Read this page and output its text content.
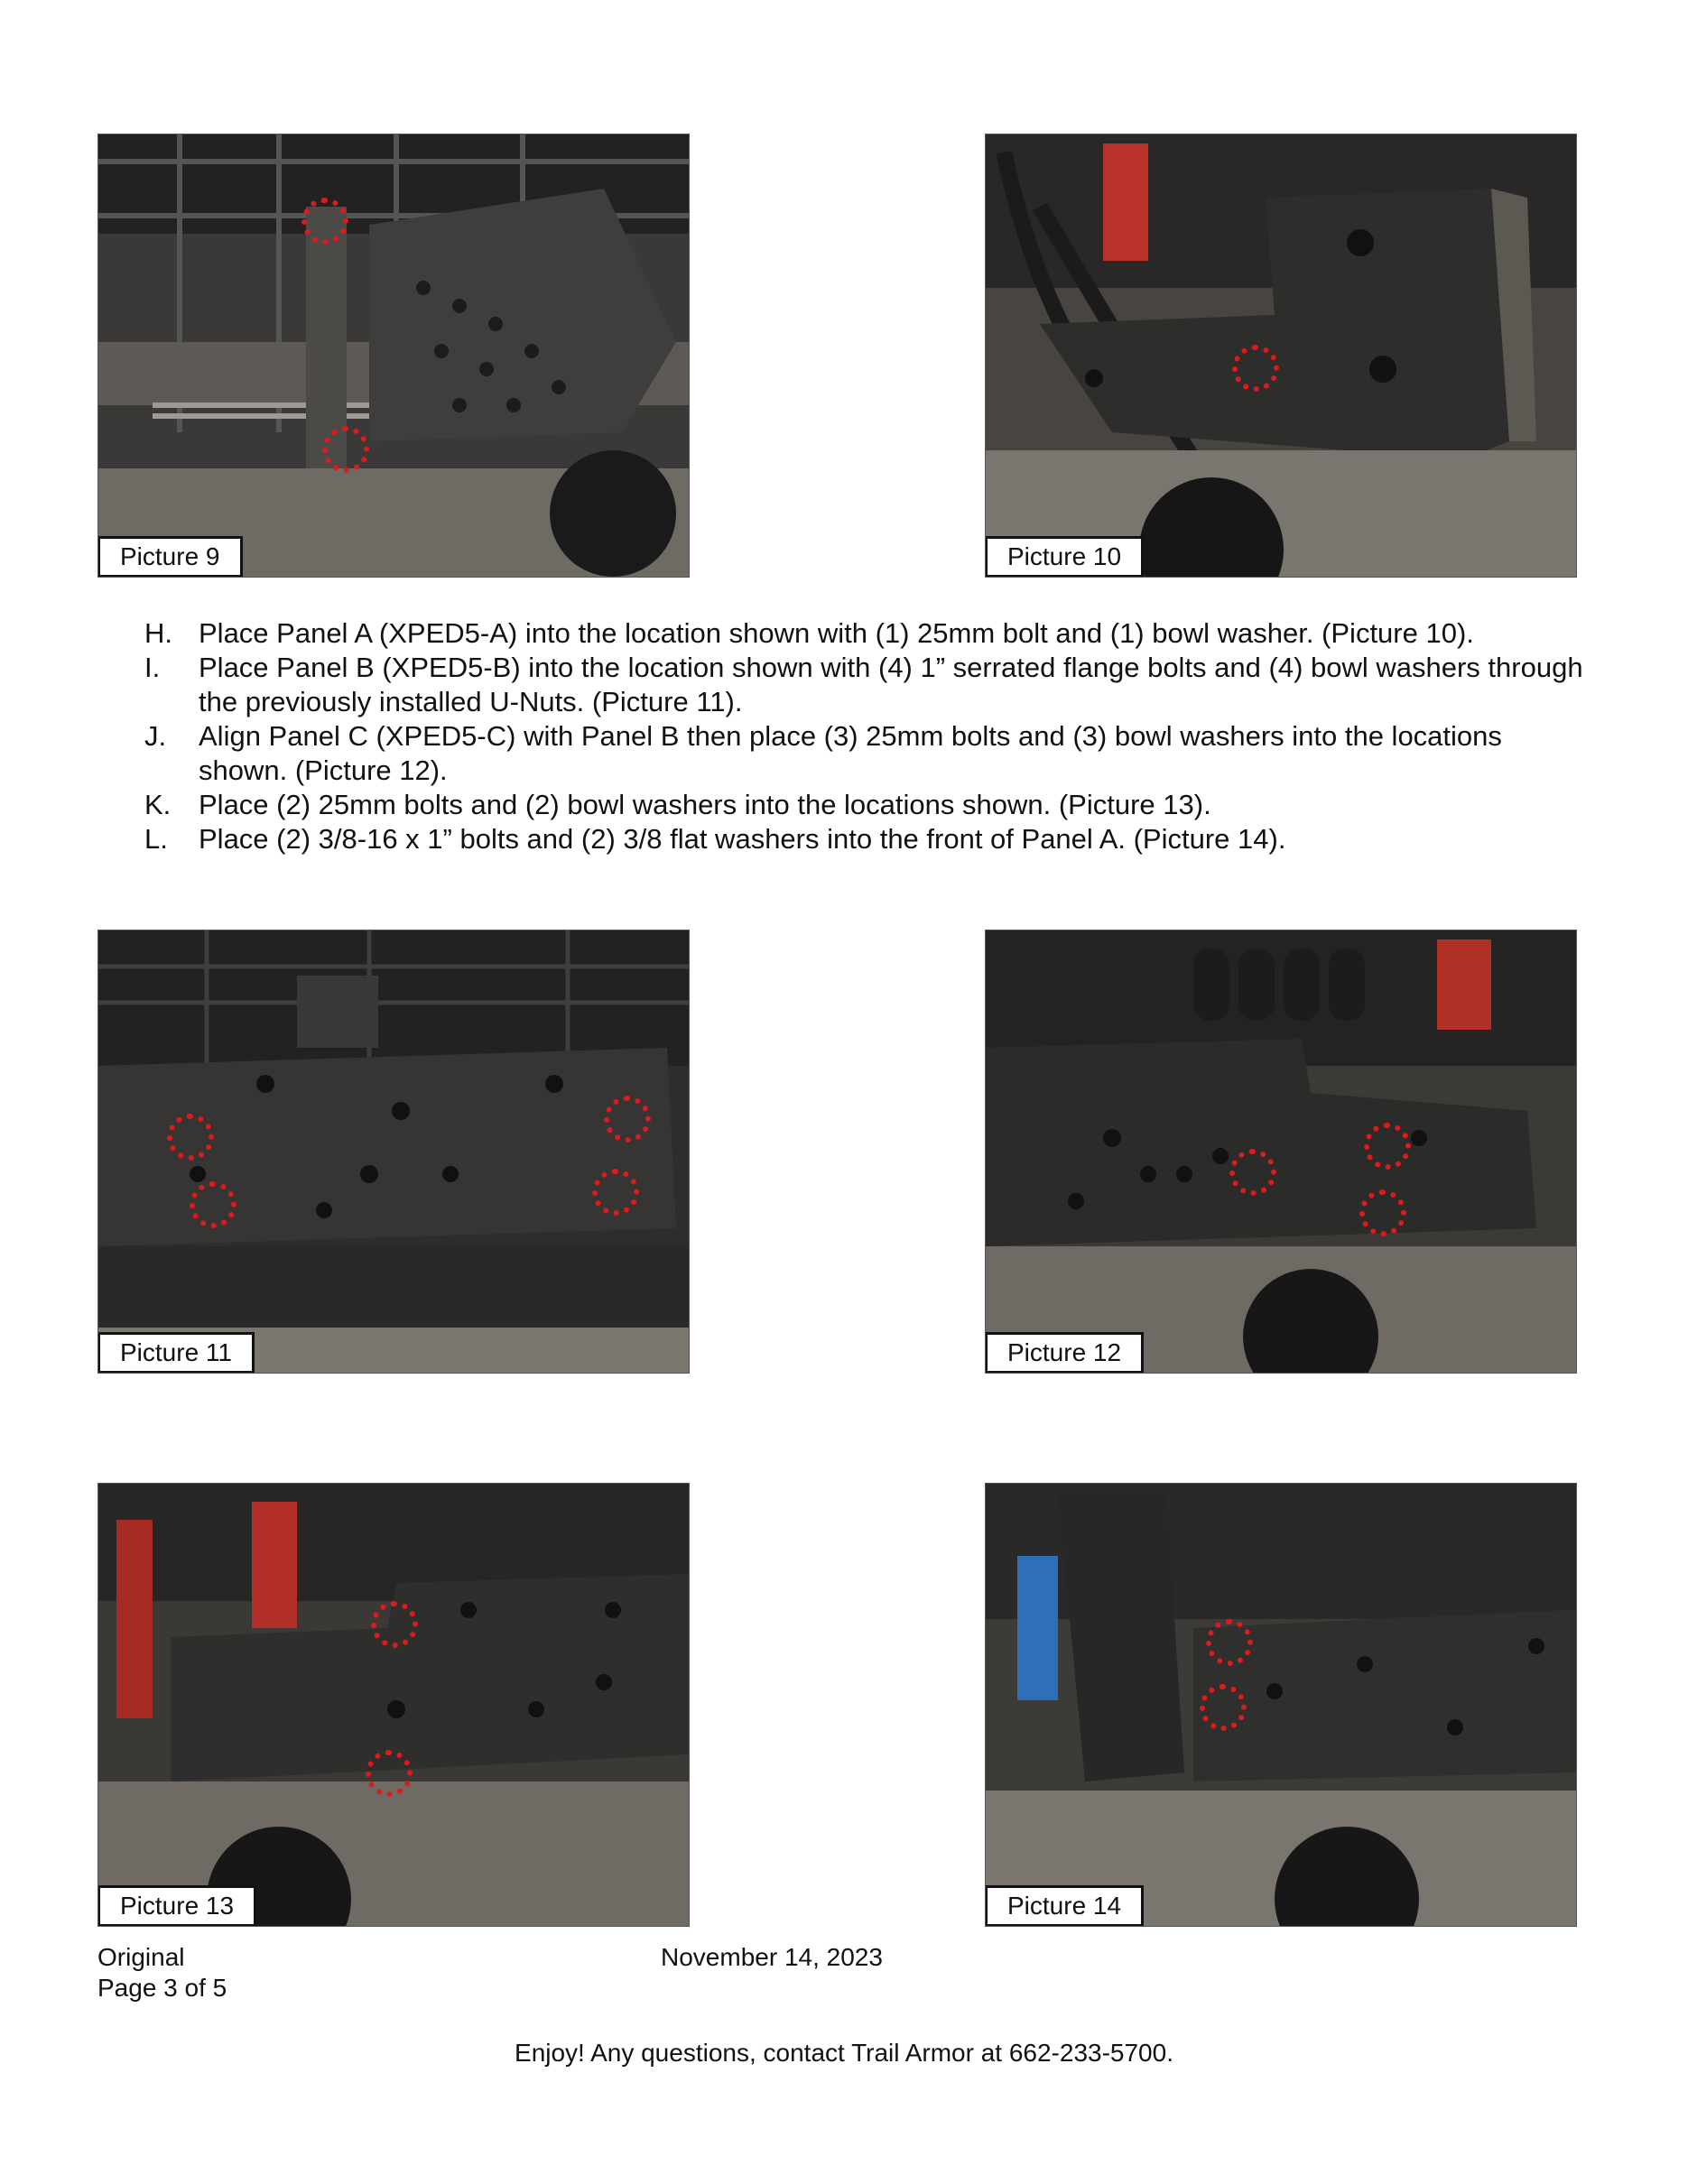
Picture 9	Picture 10
H. Place Panel A (XPED5-A) into the location shown with (1) 25mm bolt and (1) bowl washer. (Picture 10).
I. Place Panel B (XPED5-B) into the location shown with (4) 1” serrated flange bolts and (4) bowl washers through the previously installed U-Nuts. (Picture 11).
J. Align Panel C (XPED5-C) with Panel B then place (3) 25mm bolts and (3) bowl washers into the locations shown. (Picture 12).
K. Place (2) 25mm bolts and (2) bowl washers into the locations shown. (Picture 13).
L. Place (2) 3/8-16 x 1” bolts and (2) 3/8 flat washers into the front of Panel A. (Picture 14).
Picture 11	Picture 12
Picture 13	Picture 14
Original
Page 3 of 5
November 14, 2023
Enjoy! Any questions, contact Trail Armor at 662-233-5700.
